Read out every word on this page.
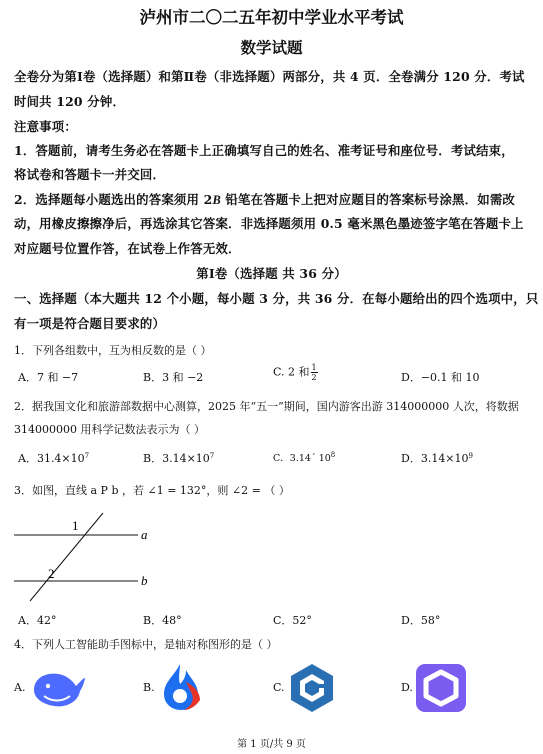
泸州市二〇二五年初中学业水平考试
数学试题
全卷分为第Ⅰ卷（选择题）和第Ⅱ卷（非选择题）两部分，共 4 页．全卷满分 120 分．考试
时间共 120 分钟．
注意事项：
1．答题前，请考生务必在答题卡上正确填写自己的姓名、准考证号和座位号．考试结束，
将试卷和答题卡一并交回．
2．选择题每小题选出的答案须用 2B 铅笔在答题卡上把对应题目的答案标号涂黑．如需改
动，用橡皮擦擦净后，再选涂其它答案．非选择题须用 0.5 毫米黑色墨迹签字笔在答题卡上
对应题号位置作答，在试卷上作答无效．
第Ⅰ卷（选择题 共 36 分）
一、选择题（本大题共 12 个小题，每小题 3 分，共 36 分．在每小题给出的四个选项中，只
有一项是符合题目要求的）
1．下列各组数中，互为相反数的是（ ）
A．7 和 −7	B．3 和 −2	C. 2 和 $\frac{1}{2}$	D．−0.1 和 10
2．据我国文化和旅游部数据中心测算，2025 年“五一”期间，国内游客出游 314000000 人次，将数据
314000000 用科学记数法表示为（ ）
A．$31.4\times 10^7$	B．$3.14\times 10^7$	C．3.14´ $10^8$	D．$3.14\times 10^9$
3．如图，直线 a P b ，若 ∠1 = 132°，则 ∠2 = （ ）
1
2
a
b
A．42°	B．48°	C．52°	D．58°
4．下列人工智能助手图标中，是轴对称图形的是（ ）
A.	B.	C.	D.
第 1 页/共 9 页
